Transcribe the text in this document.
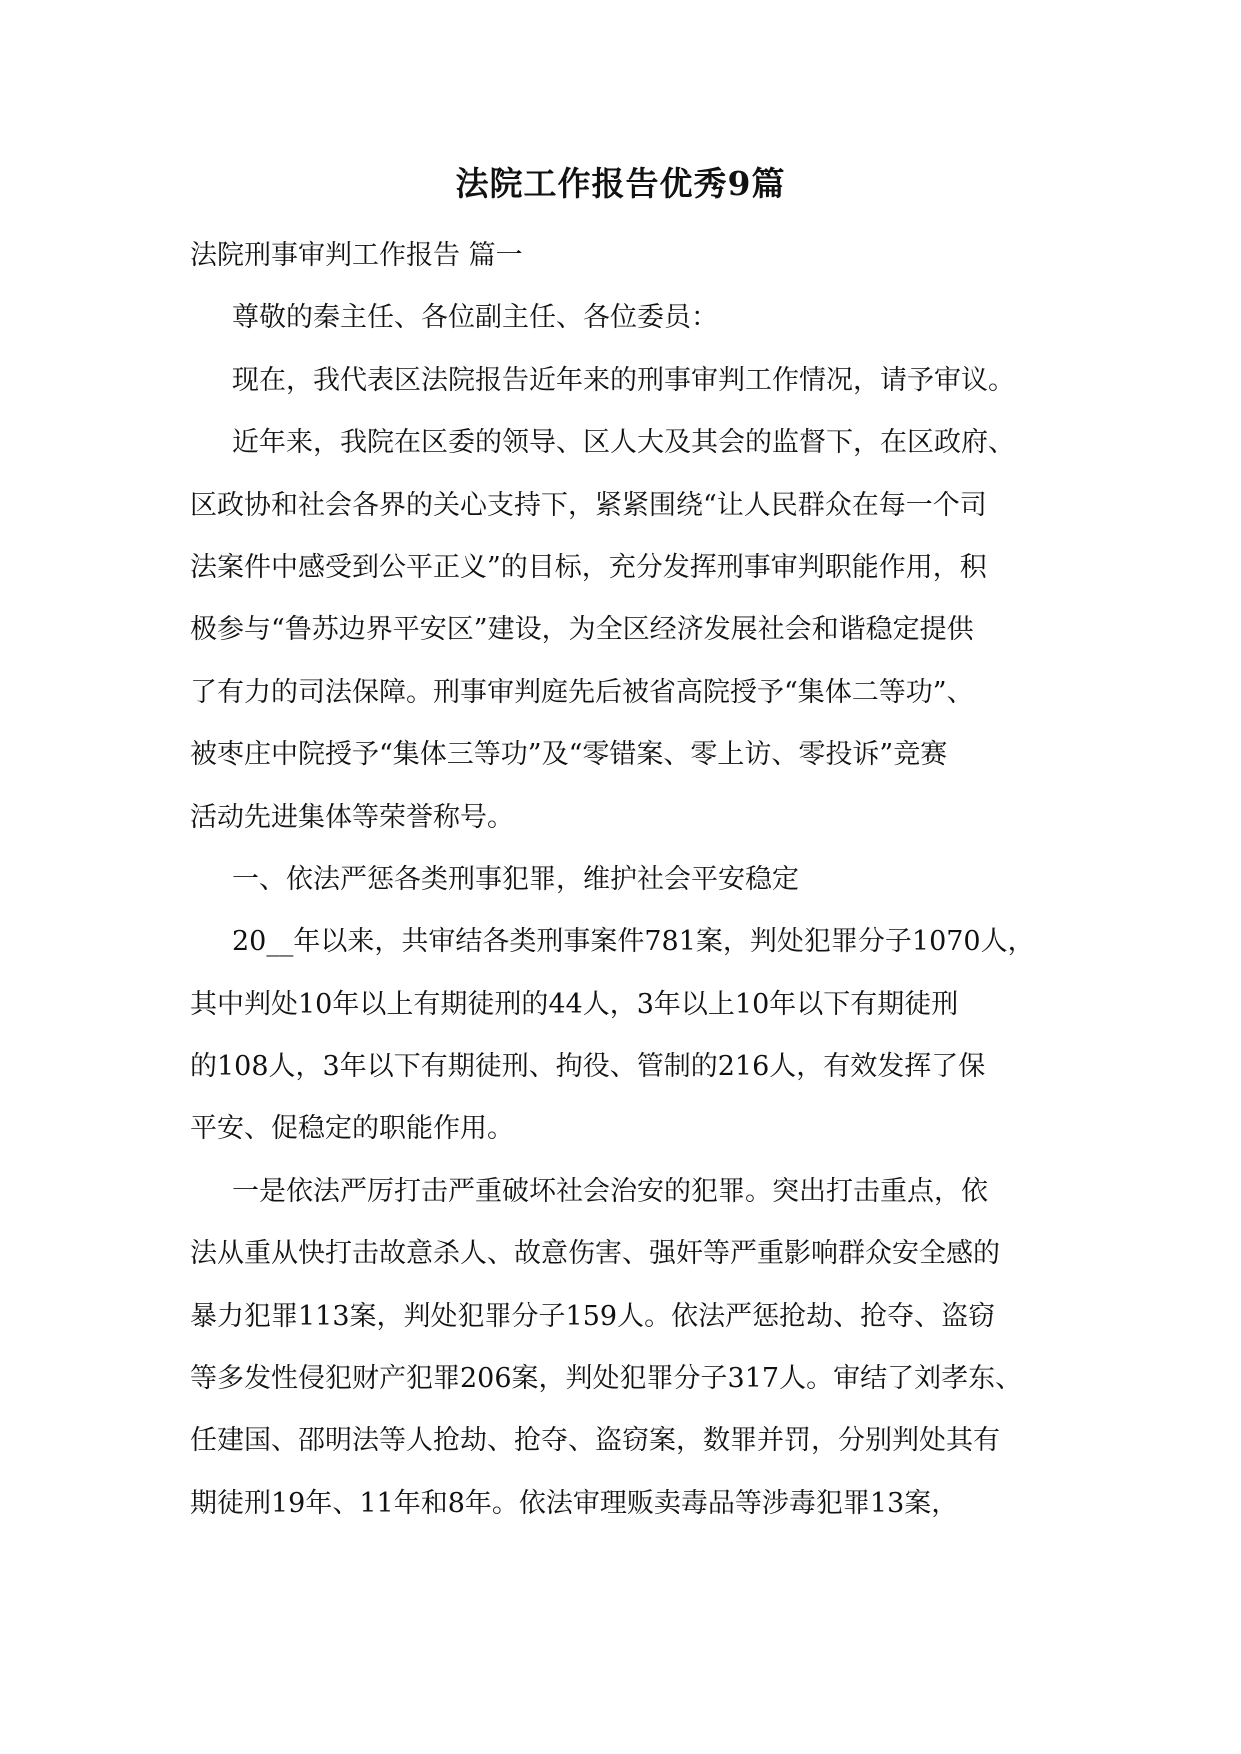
法院工作报告优秀9篇
法院刑事审判工作报告 篇一
尊敬的秦主任、各位副主任、各位委员：
现在，我代表区法院报告近年来的刑事审判工作情况，请予审议。
近年来，我院在区委的领导、区人大及其会的监督下，在区政府、
区政协和社会各界的关心支持下，紧紧围绕“让人民群众在每一个司
法案件中感受到公平正义”的目标，充分发挥刑事审判职能作用，积
极参与“鲁苏边界平安区”建设，为全区经济发展社会和谐稳定提供
了有力的司法保障。刑事审判庭先后被省高院授予“集体二等功”、
被枣庄中院授予“集体三等功”及“零错案、零上访、零投诉”竞赛
活动先进集体等荣誉称号。
一、依法严惩各类刑事犯罪，维护社会平安稳定
20__年以来，共审结各类刑事案件781案，判处犯罪分子1070人，
其中判处10年以上有期徒刑的44人，3年以上10年以下有期徒刑
的108人，3年以下有期徒刑、拘役、管制的216人，有效发挥了保
平安、促稳定的职能作用。
一是依法严厉打击严重破坏社会治安的犯罪。突出打击重点，依
法从重从快打击故意杀人、故意伤害、强奸等严重影响群众安全感的
暴力犯罪113案，判处犯罪分子159人。依法严惩抢劫、抢夺、盗窃
等多发性侵犯财产犯罪206案，判处犯罪分子317人。审结了刘孝东、
任建国、邵明法等人抢劫、抢夺、盗窃案，数罪并罚，分别判处其有
期徒刑19年、11年和8年。依法审理贩卖毒品等涉毒犯罪13案，
